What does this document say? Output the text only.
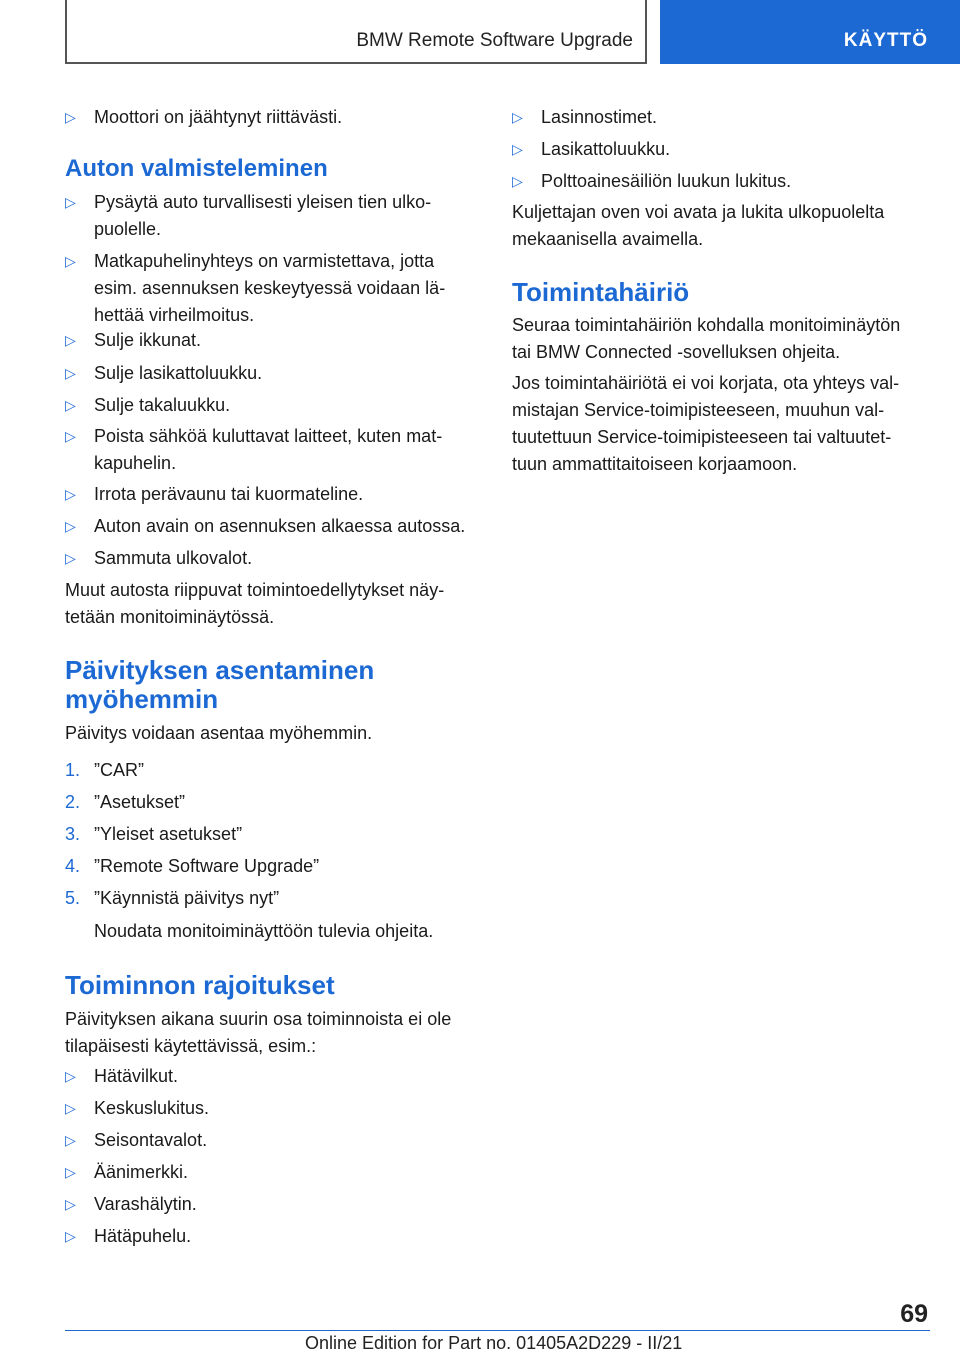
BMW Remote Software Upgrade	KÄYTTÖ
▷ Moottori on jäähtynyt riittävästi.
Auton valmisteleminen
▷ Pysäytä auto turvallisesti yleisen tien ulko-
puolelle.
▷ Matkapuhelinyhteys on varmistettava, jotta
esim. asennuksen keskeytyessä voidaan lä-
hettää virheilmoitus.
▷ Sulje ikkunat.
▷ Sulje lasikattoluukku.
▷ Sulje takaluukku.
▷ Poista sähköä kuluttavat laitteet, kuten mat-
kapuhelin.
▷ Irrota perävaunu tai kuormateline.
▷ Auton avain on asennuksen alkaessa autossa.
▷ Sammuta ulkovalot.
Muut autosta riippuvat toimintoedellytykset näy-
tetään monitoiminäytössä.
Päivityksen asentaminen
myöhemmin
Päivitys voidaan asentaa myöhemmin.
1. ”CAR”
2. ”Asetukset”
3. ”Yleiset asetukset”
4. ”Remote Software Upgrade”
5. ”Käynnistä päivitys nyt”
Noudata monitoiminäyttöön tulevia ohjeita.
Toiminnon rajoitukset
Päivityksen aikana suurin osa toiminnoista ei ole
tilapäisesti käytettävissä, esim.:
▷ Hätävilkut.
▷ Keskuslukitus.
▷ Seisontavalot.
▷ Äänimerkki.
▷ Varashälytin.
▷ Hätäpuhelu.
▷ Lasinnostimet.
▷ Lasikattoluukku.
▷ Polttoainesäiliön luukun lukitus.
Kuljettajan oven voi avata ja lukita ulkopuolelta
mekaanisella avaimella.
Toimintahäiriö
Seuraa toimintahäiriön kohdalla monitoiminäytön
tai BMW Connected -sovelluksen ohjeita.
Jos toimintahäiriötä ei voi korjata, ota yhteys val-
mistajan Service-toimipisteeseen, muuhun val-
tuutettuun Service-toimipisteeseen tai valtuutet-
tuun ammattitaitoiseen korjaamoon.
69
Online Edition for Part no. 01405A2D229 - II/21
